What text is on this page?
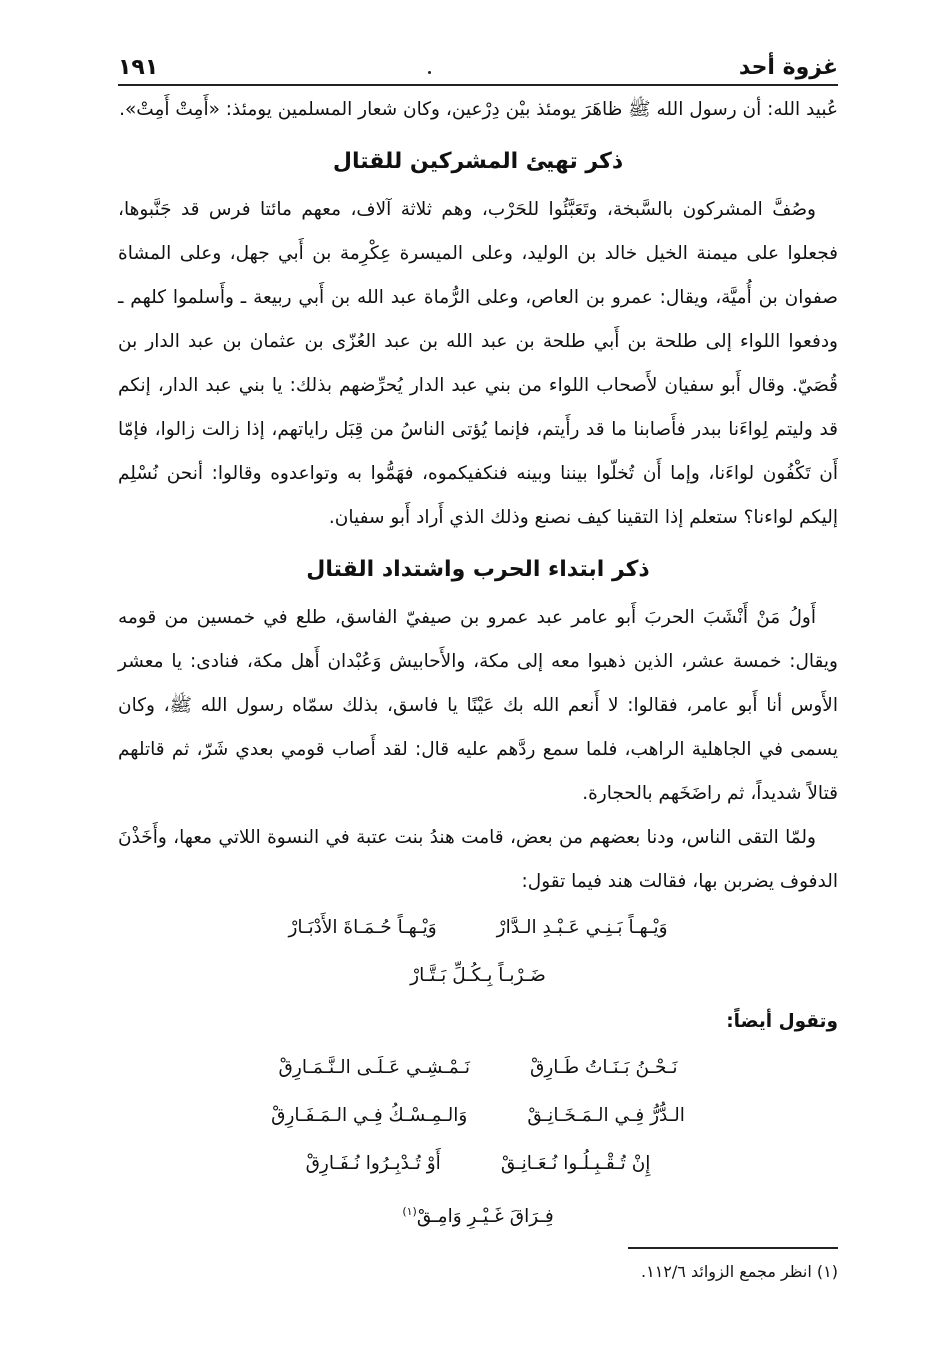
غزوة أحد
١٩١

عُبيد الله: أن رسول الله ﷺ ظاهَرَ يومئذ بيْن دِرْعين، وكان شعار المسلمين يومئذ: «أَمِتْ أَمِتْ».

ذكر تهيئ المشركين للقتال

وصُفَّ المشركون بالسَّبخة، وتَعَبَّئُوا للحَرْب، وهم ثلاثة آلاف، معهم مائتا فرس قد جَنَّبوها، فجعلوا على ميمنة الخيل خالد بن الوليد، وعلى الميسرة عِكْرِمة بن أَبي جهل، وعلى المشاة صفوان بن أُميَّة، ويقال: عمرو بن العاص، وعلى الرُّماة عبد الله بن أَبي ربيعة ـ وأَسلموا كلهم ـ ودفعوا اللواء إلى طلحة بن أَبي طلحة بن عبد الله بن عبد العُزّى بن عثمان بن عبد الدار بن قُصَيّ. وقال أَبو سفيان لأَصحاب اللواء من بني عبد الدار يُحرِّضهم بذلك: يا بني عبد الدار، إنكم قد وليتم لِواءَنا ببدر فأَصابنا ما قد رأَيتم، فإنما يُؤتى الناسُ من قِبَل راياتهم، إذا زالت زالوا، فإمّا أَن تَكْفُون لواءَنا، وإما أَن تُخلّوا بيننا وبينه فنكفيكموه، فهَمُّوا به وتواعدوه وقالوا: أنحن نُسْلِم إليكم لواءنا؟ ستعلم إذا التقينا كيف نصنع وذلك الذي أَراد أَبو سفيان.

ذكر ابتداء الحرب واشتداد القتال

أَولُ مَنْ أَنْشَبَ الحربَ أَبو عامر عبد عمرو بن صيفيّ الفاسق، طلع في خمسين من قومه ويقال: خمسة عشر، الذين ذهبوا معه إلى مكة، والأَحابيش وَعُبْدان أَهل مكة، فنادى: يا معشر الأَوس أنا أَبو عامر، فقالوا: لا أَنعم الله بك عَيْنًا يا فاسق، بذلك سمّاه رسول الله ﷺ، وكان يسمى في الجاهلية الراهب، فلما سمع ردَّهم عليه قال: لقد أَصاب قومي بعدي شَرّ، ثم قاتلهم قتالاً شديداً، ثم راضَخَهم بالحجارة.

ولمّا التقى الناس، ودنا بعضهم من بعض، قامت هندُ بنت عتبة في النسوة اللاتي معها، وأَخَذْنَ الدفوف يضربن بها، فقالت هند فيما تقول:

وَيْـهـاً بَـنِـي عَـبْـدِ الـدَّارْ
وَيْـهـاً حُـمَـاةَ الأَدْبَـارْ
ضَـرْبـاً بِـكُـلِّ بَـتَّـارْ

وتقول أيضاً:

نَـحْـنُ بَـنَـاتُ طَـارِقْ
نَـمْـشِـي عَـلَـى الـنَّـمَـارِقْ
الـدُّرُّ فِـي الـمَـخَـانِـقْ
وَالـمِـسْـكُ فِـي الـمَـفَـارِقْ
إِنْ تُـقْـبِـلُـوا نُـعَـانِـقْ
أَوْ تُـدْبِـرُوا نُـفَـارِقْ
فِـرَاقَ غَـيْـرِ وَامِـقْ$^{(١)}$
(١) انظر مجمع الزوائد ١١٢/٦.
